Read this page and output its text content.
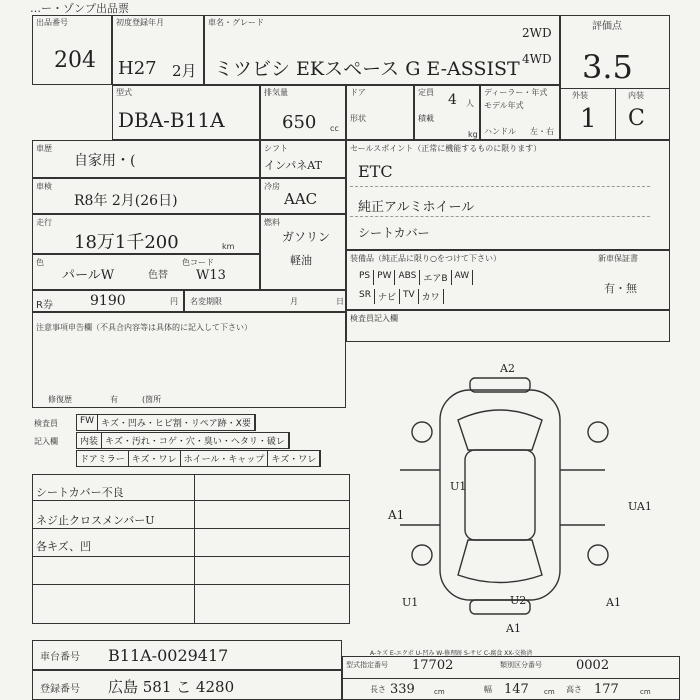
…ー・ゾンプ出品票
出品番号
204
初度登録年月
H27 2月
車名・グレード
ミツビシ EKスペース G E-ASSIST
2WD
4WD
評価点
3.5
外装	内装
1 C
型式
DBA-B11A
排気量
650 cc
ドア
形状
定員 4 人
積載
kg
ディーラー・年式
モデル年式
ハンドル 左・右
車歴
自家用・(
シフト
インパネAT
車検
R8年 2月(26日)
冷房
AAC
走行
18万1千200	km
燃料
ガソリン
軽油
色
パールW	色替
色コード
W13
R券	9190	円 名変期限	月	日
セールスポイント（正常に機能するものに限ります）
ETC
純正アルミホイール
シートカバー
装備品（純正品に限り○をつけて下さい）	新車保証書
有・無
PS PW ABS エアB AW
SR ナビ TV カワ
検査員記入欄
注意事項申告欄（不具合内容等は具体的に記入して下さい）
修復歴	有	(箇所
検査員
記入欄
FW キズ・凹み・ヒビ割・リペア跡・X要
内装 キズ・汚れ・コゲ・穴・臭い・ヘタリ・破レ
ドアミラー キズ・ワレ ホイール・キャップ キズ・ワレ
シートカバー不良
ネジ止クロスメンバーU
各キズ、凹
A2
U1
A1
UA1
U1	U2	A1
A1
A-キズ E-エクボ U-凹み W-修理跡 S-サビ C-腐食 XX-交換済
車台番号 B11A-0029417
登録番号 広島 581 こ 4280
型式指定番号 17702	類別区分番号	0002
長さ 339	幅 147	高さ 177
cm	cm	cm
